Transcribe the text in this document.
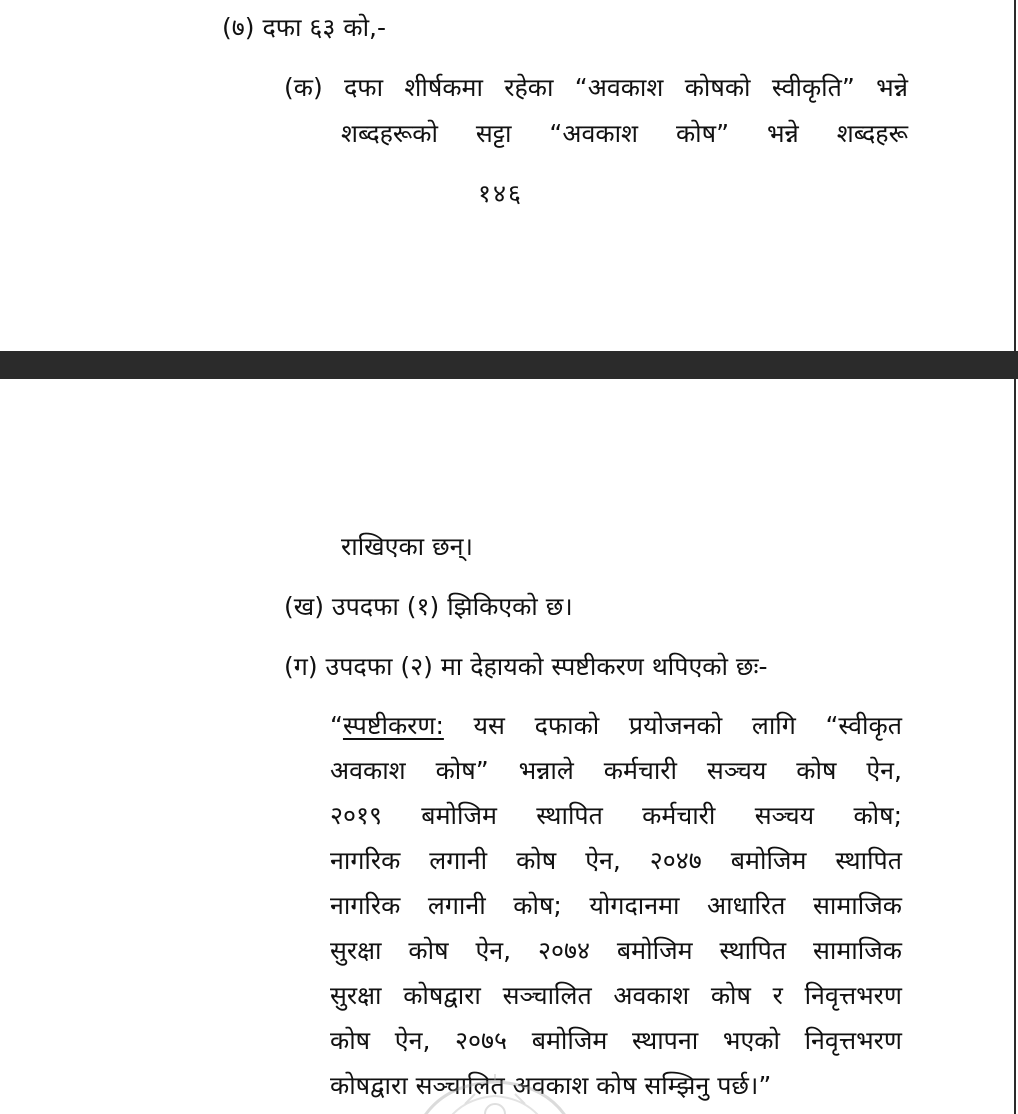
(७) दफा ६३ को,-
(क) दफा शीर्षकमा रहेका “अवकाश कोषको स्वीकृति” भन्ने
शब्दहरूको सट्टा “अवकाश कोष” भन्ने शब्दहरू
१४६
राखिएका छन्।
(ख) उपदफा (१) झिकिएको छ।
(ग) उपदफा (२) मा देहायको स्पष्टीकरण थपिएको छः-
“स्पष्टीकरण: यस दफाको प्रयोजनको लागि “स्वीकृत
अवकाश कोष” भन्नाले कर्मचारी सञ्चय कोष ऐन,
२०१९ बमोजिम स्थापित कर्मचारी सञ्चय कोष;
नागरिक लगानी कोष ऐन, २०४७ बमोजिम स्थापित
नागरिक लगानी कोष; योगदानमा आधारित सामाजिक
सुरक्षा कोष ऐन, २०७४ बमोजिम स्थापित सामाजिक
सुरक्षा कोषद्वारा सञ्चालित अवकाश कोष र निवृत्तभरण
कोष ऐन, २०७५ बमोजिम स्थापना भएको निवृत्तभरण
कोषद्वारा सञ्चालित अवकाश कोष सम्झिनु पर्छ।”
